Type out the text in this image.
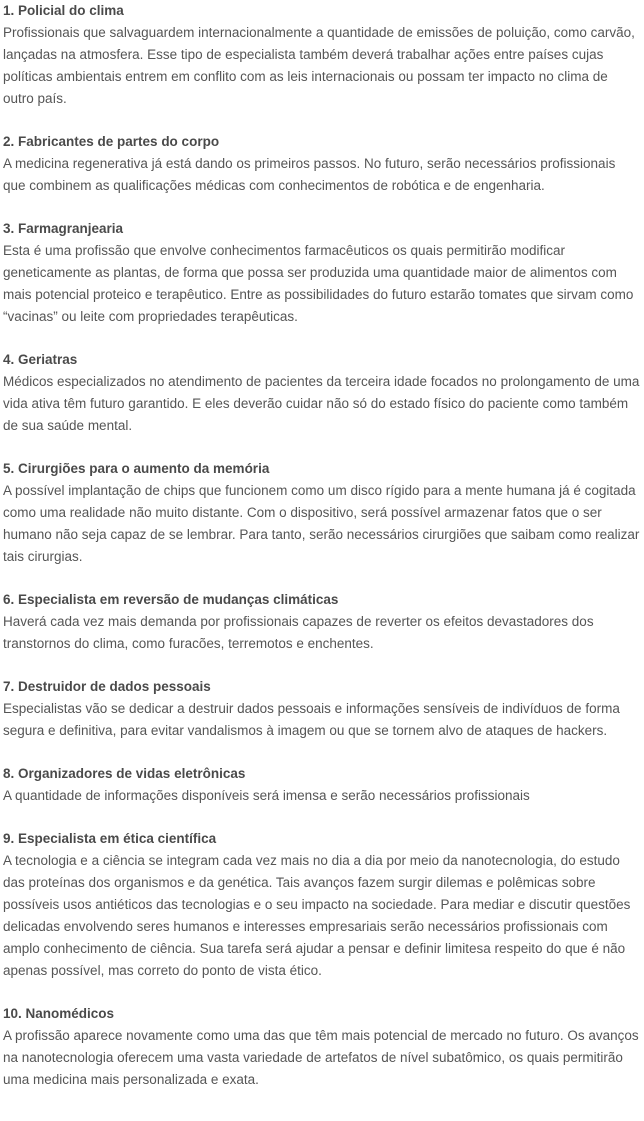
1. Policial do clima

Profissionais que salvaguardem internacionalmente a quantidade de emissões de poluição, como carvão, lançadas na atmosfera. Esse tipo de especialista também deverá trabalhar ações entre países cujas políticas ambientais entrem em conflito com as leis internacionais ou possam ter impacto no clima de outro país.

2. Fabricantes de partes do corpo

A medicina regenerativa já está dando os primeiros passos. No futuro, serão necessários profissionais que combinem as qualificações médicas com conhecimentos de robótica e de engenharia.

3. Farmagranjearia

Esta é uma profissão que envolve conhecimentos farmacêuticos os quais permitirão modificar geneticamente as plantas, de forma que possa ser produzida uma quantidade maior de alimentos com mais potencial proteico e terapêutico. Entre as possibilidades do futuro estarão tomates que sirvam como “vacinas” ou leite com propriedades terapêuticas.

4. Geriatras

Médicos especializados no atendimento de pacientes da terceira idade focados no prolongamento de uma vida ativa têm futuro garantido. E eles deverão cuidar não só do estado físico do paciente como também de sua saúde mental.

5. Cirurgiões para o aumento da memória

A possível implantação de chips que funcionem como um disco rígido para a mente humana já é cogitada como uma realidade não muito distante. Com o dispositivo, será possível armazenar fatos que o ser humano não seja capaz de se lembrar. Para tanto, serão necessários cirurgiões que saibam como realizar tais cirurgias.

6. Especialista em reversão de mudanças climáticas

Haverá cada vez mais demanda por profissionais capazes de reverter os efeitos devastadores dos transtornos do clima, como furacões, terremotos e enchentes.

7. Destruidor de dados pessoais

Especialistas vão se dedicar a destruir dados pessoais e informações sensíveis de indivíduos de forma segura e definitiva, para evitar vandalismos à imagem ou que se tornem alvo de ataques de hackers.

8. Organizadores de vidas eletrônicas

A quantidade de informações disponíveis será imensa e serão necessários profissionais

9. Especialista em ética científica

A tecnologia e a ciência se integram cada vez mais no dia a dia por meio da nanotecnologia, do estudo das proteínas dos organismos e da genética. Tais avanços fazem surgir dilemas e polêmicas sobre possíveis usos antiéticos das tecnologias e o seu impacto na sociedade. Para mediar e discutir questões delicadas envolvendo seres humanos e interesses empresariais serão necessários profissionais com amplo conhecimento de ciência. Sua tarefa será ajudar a pensar e definir limitesa respeito do que é não apenas possível, mas correto do ponto de vista ético.

10. Nanomédicos

A profissão aparece novamente como uma das que têm mais potencial de mercado no futuro. Os avanços na nanotecnologia oferecem uma vasta variedade de artefatos de nível subatômico, os quais permitirão uma medicina mais personalizada e exata.
